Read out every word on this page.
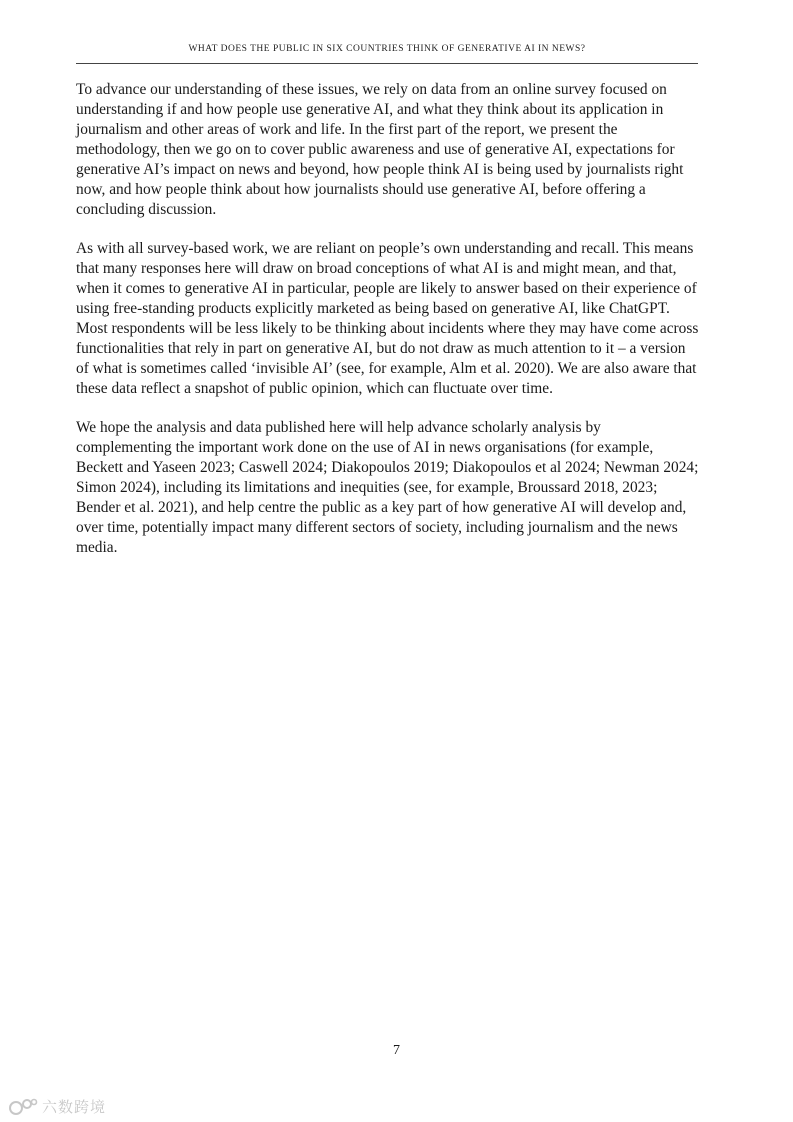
WHAT DOES THE PUBLIC IN SIX COUNTRIES THINK OF GENERATIVE AI IN NEWS?

To advance our understanding of these issues, we rely on data from an online survey focused on understanding if and how people use generative AI, and what they think about its application in journalism and other areas of work and life. In the first part of the report, we present the methodology, then we go on to cover public awareness and use of generative AI, expectations for generative AI’s impact on news and beyond, how people think AI is being used by journalists right now, and how people think about how journalists should use generative AI, before offering a concluding discussion.

As with all survey-based work, we are reliant on people’s own understanding and recall. This means that many responses here will draw on broad conceptions of what AI is and might mean, and that, when it comes to generative AI in particular, people are likely to answer based on their experience of using free-standing products explicitly marketed as being based on generative AI, like ChatGPT. Most respondents will be less likely to be thinking about incidents where they may have come across functionalities that rely in part on generative AI, but do not draw as much attention to it – a version of what is sometimes called ‘invisible AI’ (see, for example, Alm et al. 2020). We are also aware that these data reflect a snapshot of public opinion, which can fluctuate over time.

We hope the analysis and data published here will help advance scholarly analysis by complementing the important work done on the use of AI in news organisations (for example, Beckett and Yaseen 2023; Caswell 2024; Diakopoulos 2019; Diakopoulos et al 2024; Newman 2024; Simon 2024), including its limitations and inequities (see, for example, Broussard 2018, 2023; Bender et al. 2021), and help centre the public as a key part of how generative AI will develop and, over time, potentially impact many different sectors of society, including journalism and the news media.

7
六数跨境
